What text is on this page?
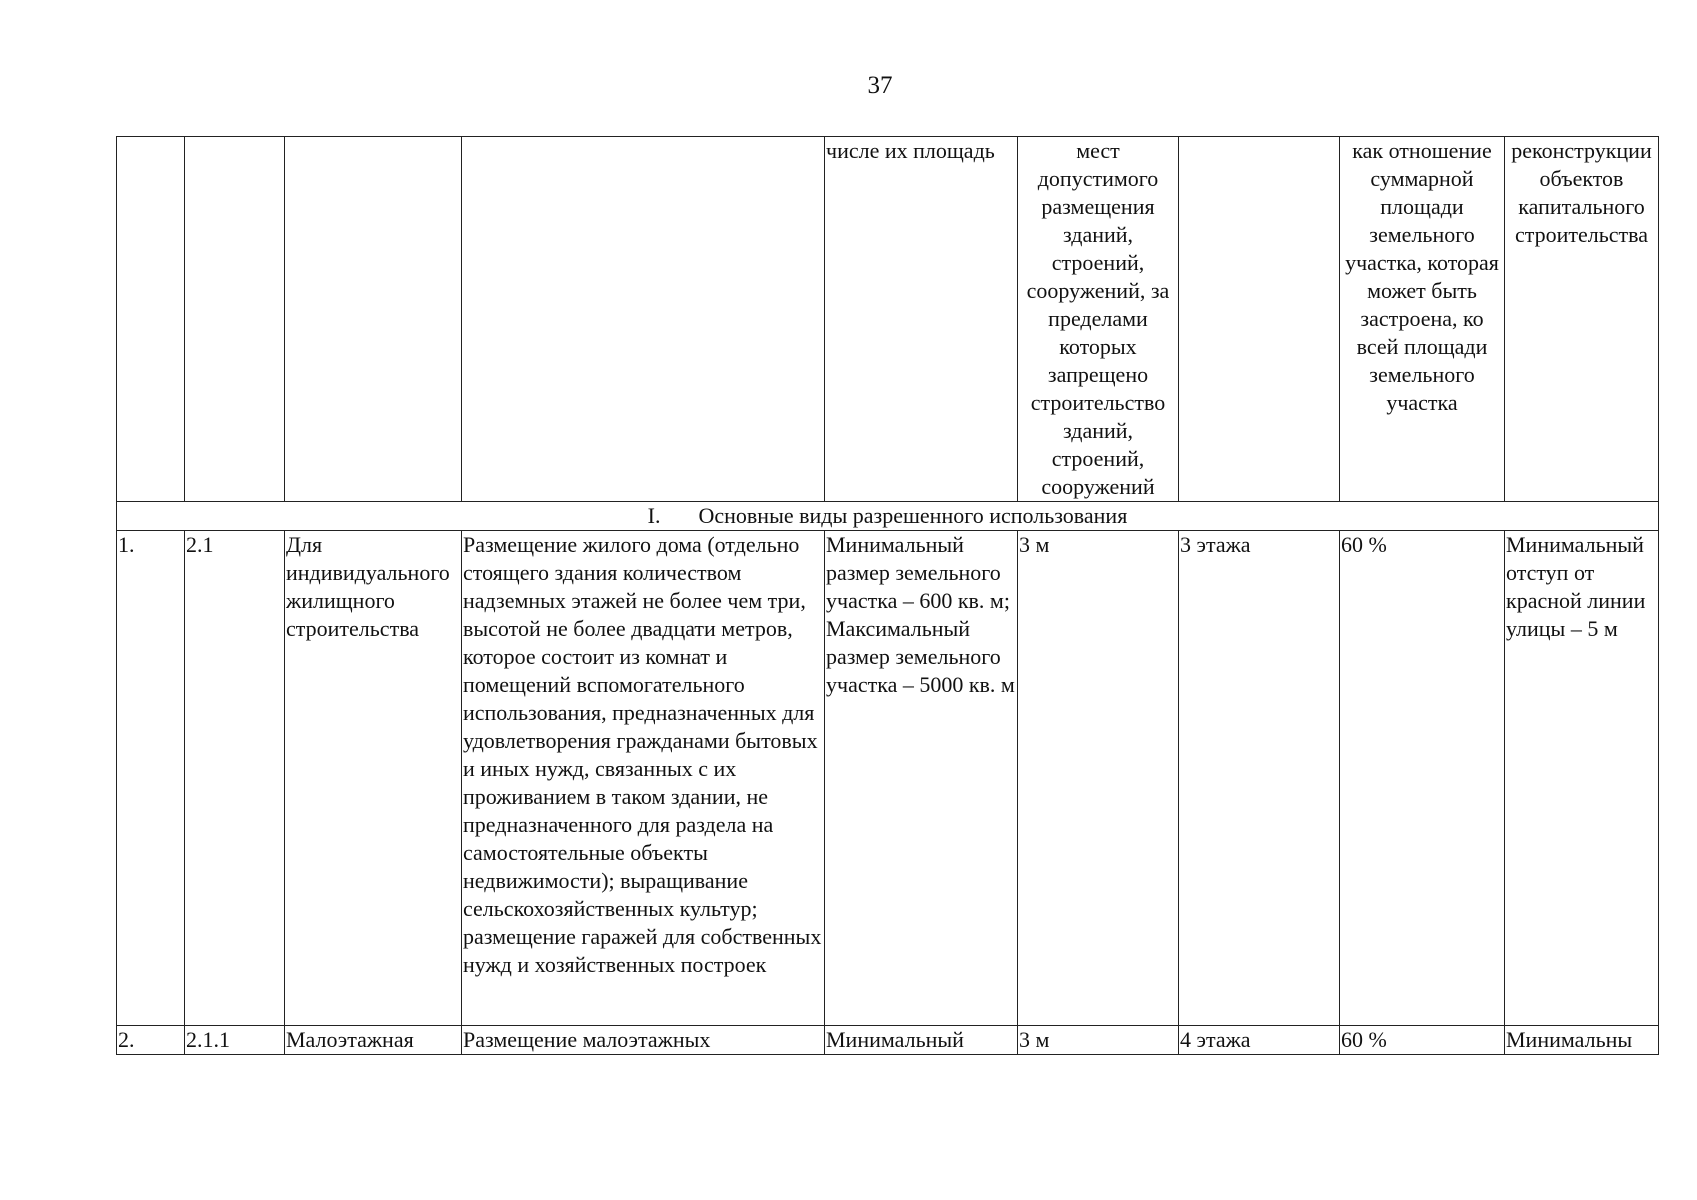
37
				числе их площадь	мест допустимого размещения зданий, строений, сооружений, за пределами которых запрещено строительство зданий, строений, сооружений		как отношение суммарной площади земельного участка, которая может быть застроена, ко всей площади земельного участка	реконструкции объектов капитального строительства
I. Основные виды разрешенного использования								
1.	2.1	Для индивидуального жилищного строительства	Размещение жилого дома (отдельно стоящего здания количеством надземных этажей не более чем три, высотой не более двадцати метров, которое состоит из комнат и помещений вспомогательного использования, предназначенных для удовлетворения гражданами бытовых и иных нужд, связанных с их проживанием в таком здании, не предназначенного для раздела на самостоятельные объекты недвижимости); выращивание сельскохозяйственных культур; размещение гаражей для собственных нужд и хозяйственных построек	Минимальный размер земельного участка – 600 кв. м; Максимальный размер земельного участка – 5000 кв. м	3 м	3 этажа	60 %	Минимальный отступ от красной линии улицы – 5 м
2.	2.1.1	Малоэтажная	Размещение малоэтажных	Минимальный	3 м	4 этажа	60 %	Минимальны
